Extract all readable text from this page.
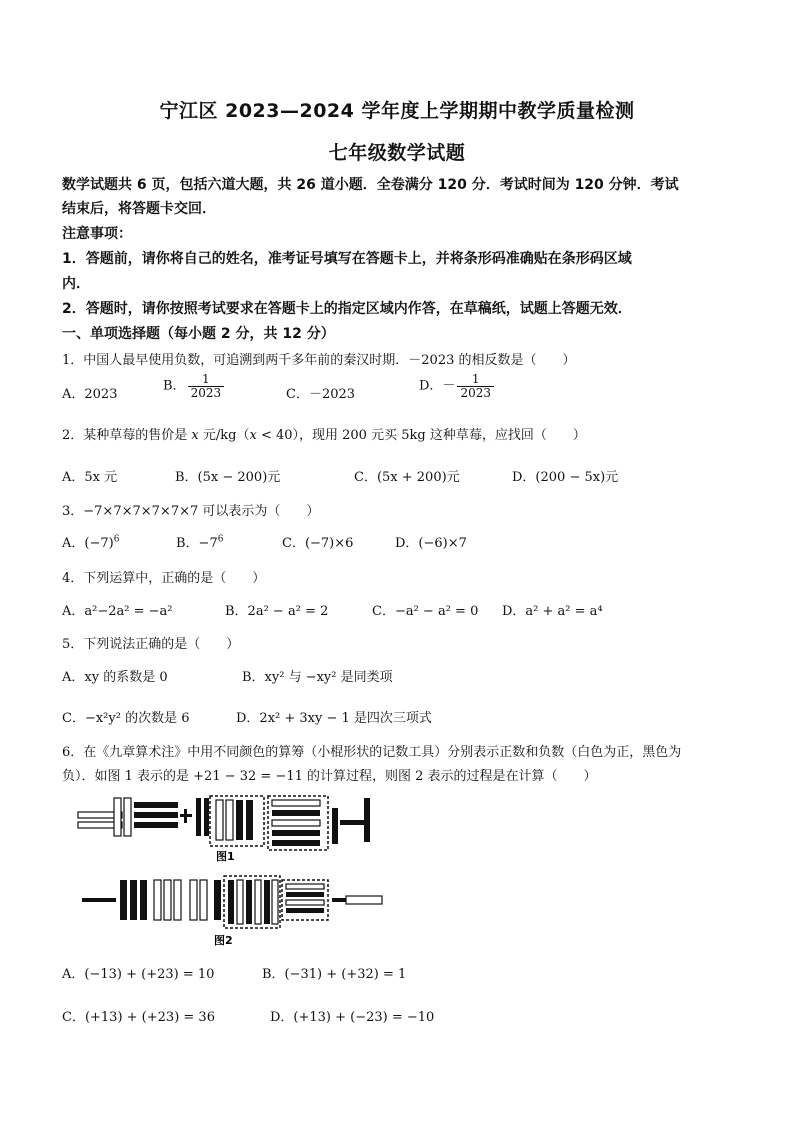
宁江区 2023—2024 学年度上学期期中教学质量检测
七年级数学试题
数学试题共 6 页，包括六道大题，共 26 道小题．全卷满分 120 分．考试时间为 120 分钟．考试
结束后，将答题卡交回．
注意事项：
1．答题前，请你将自己的姓名，准考证号填写在答题卡上，并将条形码准确贴在条形码区域
内．
2．答题时，请你按照考试要求在答题卡上的指定区域内作答，在草稿纸，试题上答题无效．
一、单项选择题（每小题 2 分，共 12 分）
1．中国人最早使用负数，可追溯到两千多年前的秦汉时期．－2023 的相反数是（　　）
A．2023
B． $\frac{1}{2023}$	C．－2023
D．－ $\frac{1}{2023}$
2．某种草莓的售价是 x 元/kg（x < 40），现用 200 元买 5kg 这种草莓，应找回（　　）
A．5x 元	B．(5x − 200)元	C．(5x + 200)元	D．(200 − 5x)元
3．−7×7×7×7×7×7 可以表示为（　　）
A．$(-7)^6$	B．$-7^6$	C．(−7)×6	D．(−6)×7
4．下列运算中，正确的是（　　）
A．a²−2a² = −a²	B．2a² − a² = 2	C．−a² − a² = 0 D．a² + a² = a⁴
5．下列说法正确的是（　　）
A．xy 的系数是 0	B．xy² 与 −xy² 是同类项
C．−x²y² 的次数是 6	D．2x² + 3xy − 1 是四次三项式
6．在《九章算术注》中用不同颜色的算筹（小棍形状的记数工具）分别表示正数和负数（白色为正，黑色为
负）．如图 1 表示的是 +21 − 32 = −11 的计算过程，则图 2 表示的过程是在计算（　　）
图1
图2
A．(−13) + (+23) = 10	B．(−31) + (+32) = 1
C．(+13) + (+23) = 36	D．(+13) + (−23) = −10
